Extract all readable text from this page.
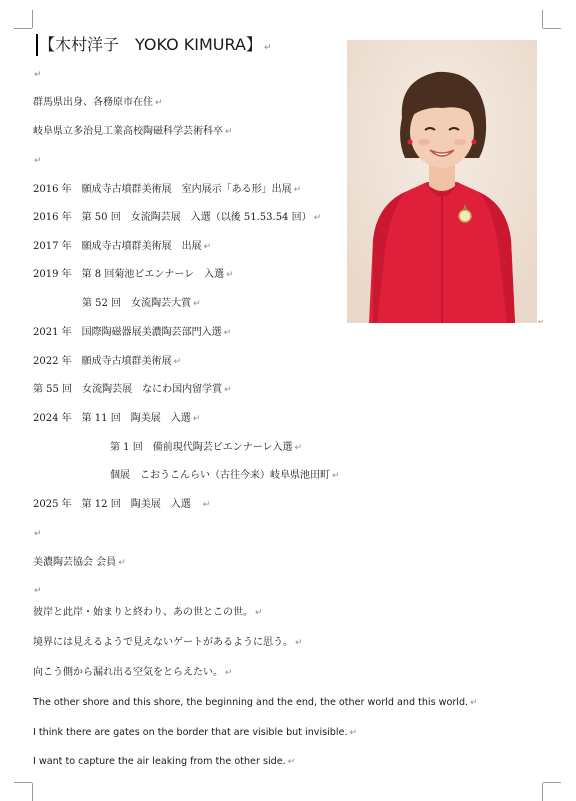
【木村洋子　YOKO KIMURA】 ↵
↵
群馬県出身、各務原市在住 ↵
岐阜県立多治見工業高校陶磁科学芸術科卒 ↵
↵
2016 年　願成寺古墳群美術展　室内展示「ある形」出展 ↵
2016 年　第 50 回　女流陶芸展　入選（以後 51.53.54 回） ↵
2017 年　願成寺古墳群美術展　出展 ↵
2019 年　第 8 回菊池ビエンナーレ　入選 ↵
第 52 回　女流陶芸大賞 ↵
2021 年　国際陶磁器展美濃陶芸部門入選 ↵
2022 年　願成寺古墳群美術展 ↵
第 55 回　女流陶芸展　なにわ国内留学賞 ↵
2024 年　第 11 回　陶美展　入選 ↵
第 1 回　備前現代陶芸ビエンナーレ入選 ↵
個展　こおうこんらい（古往今来）岐阜県池田町 ↵
2025 年　第 12 回　陶美展　入選　↵
↵
美濃陶芸協会 会員 ↵
↵
彼岸と此岸・始まりと終わり、あの世とこの世。 ↵
境界には見えるようで見えないゲートがあるように思う。 ↵
向こう側から漏れ出る空気をとらえたい。 ↵
The other shore and this shore, the beginning and the end, the other world and this world. ↵
I think there are gates on the border that are visible but invisible. ↵
I want to capture the air leaking from the other side. ↵
↵
